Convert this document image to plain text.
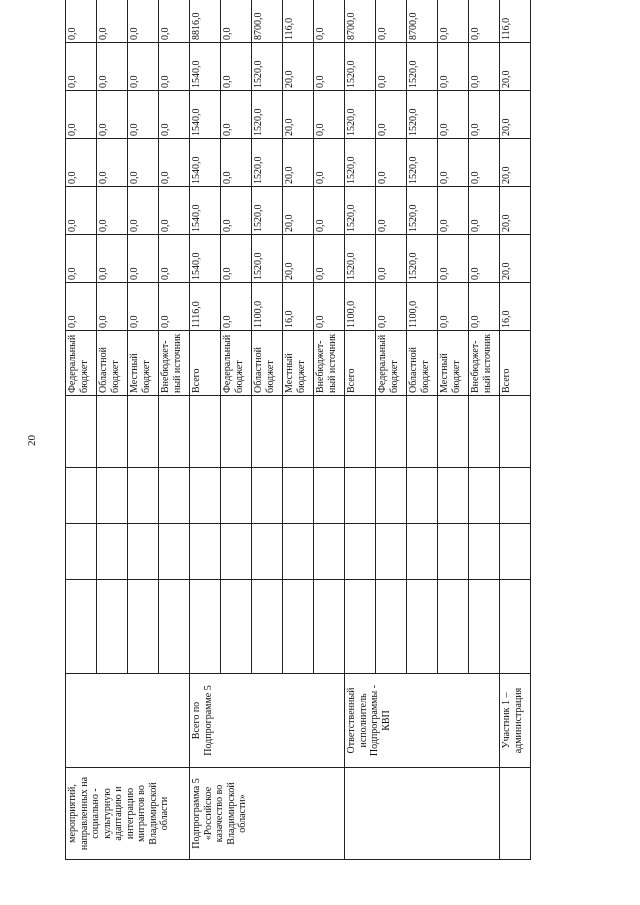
20
мероприятий, направленных на социально - культурную адаптацию и интеграцию мигрантов во Владимирской области						Федеральный бюджет	0,0	0,0	0,0	0,0	0,0	0,0	0,0
						Областной бюджет	0,0	0,0	0,0	0,0	0,0	0,0	0,0
						Местный бюджет	0,0	0,0	0,0	0,0	0,0	0,0	0,0
						Внебюджет-ный источник	0,0	0,0	0,0	0,0	0,0	0,0	0,0
Подпрограмма 5 «Российское казачество во Владимирской области»	Всего по Подпрограмме 5					Всего	1116,0	1540,0	1540,0	1540,0	1540,0	1540,0	8816,0
						Федеральный бюджет	0,0	0,0	0,0	0,0	0,0	0,0	0,0
						Областной бюджет	1100,0	1520,0	1520,0	1520,0	1520,0	1520,0	8700,0
						Местный бюджет	16,0	20,0	20,0	20,0	20,0	20,0	116,0
						Внебюджет-ный источник	0,0	0,0	0,0	0,0	0,0	0,0	0,0
	Ответственный исполнитель Подпрограммы - КВП					Всего	1100,0	1520,0	1520,0	1520,0	1520,0	1520,0	8700,0
						Федеральный бюджет	0,0	0,0	0,0	0,0	0,0	0,0	0,0
						Областной бюджет	1100,0	1520,0	1520,0	1520,0	1520,0	1520,0	8700,0
						Местный бюджет	0,0	0,0	0,0	0,0	0,0	0,0	0,0
						Внебюджет-ный источник	0,0	0,0	0,0	0,0	0,0	0,0	0,0
	Участник 1 – администрация					Всего	16,0	20,0	20,0	20,0	20,0	20,0	116,0
